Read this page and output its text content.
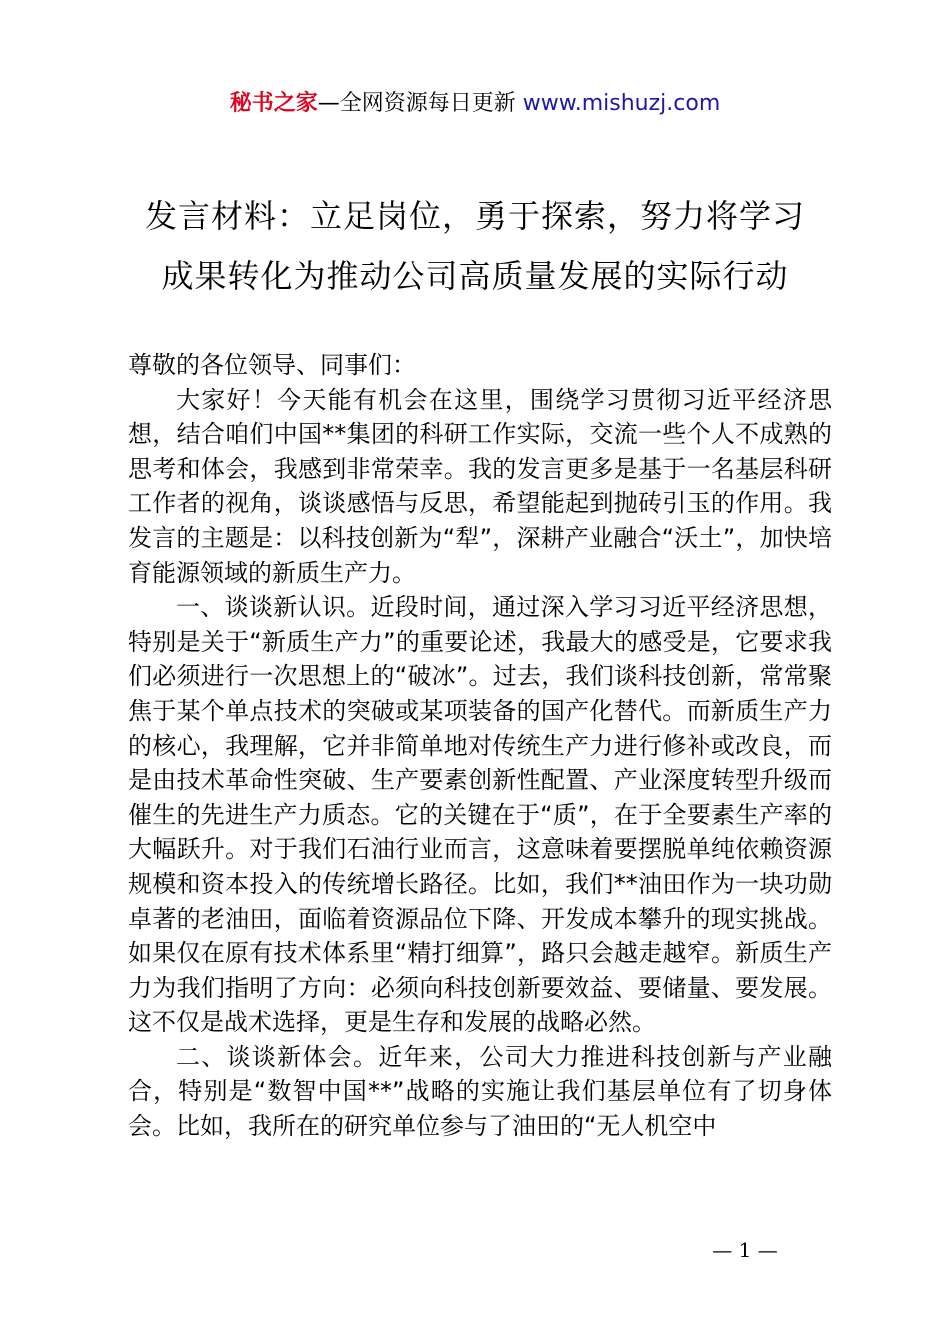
秘书之家—全网资源每日更新 www.mishuzj.com
发言材料：立足岗位，勇于探索，努力将学习
成果转化为推动公司高质量发展的实际行动

尊敬的各位领导、同事们：

大家好！今天能有机会在这里，围绕学习贯彻习近平经济思想，结合咱们中国**集团的科研工作实际，交流一些个人不成熟的思考和体会，我感到非常荣幸。我的发言更多是基于一名基层科研工作者的视角，谈谈感悟与反思，希望能起到抛砖引玉的作用。我发言的主题是：以科技创新为“犁”，深耕产业融合“沃土”，加快培育能源领域的新质生产力。

一、谈谈新认识。近段时间，通过深入学习习近平经济思想，特别是关于“新质生产力”的重要论述，我最大的感受是，它要求我们必须进行一次思想上的“破冰”。过去，我们谈科技创新，常常聚焦于某个单点技术的突破或某项装备的国产化替代。而新质生产力的核心，我理解，它并非简单地对传统生产力进行修补或改良，而是由技术革命性突破、生产要素创新性配置、产业深度转型升级而催生的先进生产力质态。它的关键在于“质”，在于全要素生产率的大幅跃升。对于我们石油行业而言，这意味着要摆脱单纯依赖资源规模和资本投入的传统增长路径。比如，我们**油田作为一块功勋卓著的老油田，面临着资源品位下降、开发成本攀升的现实挑战。如果仅在原有技术体系里“精打细算”，路只会越走越窄。新质生产力为我们指明了方向：必须向科技创新要效益、要储量、要发展。这不仅是战术选择，更是生存和发展的战略必然。

二、谈谈新体会。近年来，公司大力推进科技创新与产业融合，特别是“数智中国**”战略的实施让我们基层单位有了切身体会。比如，我所在的研究单位参与了油田的“无人机空中

— 1 —
